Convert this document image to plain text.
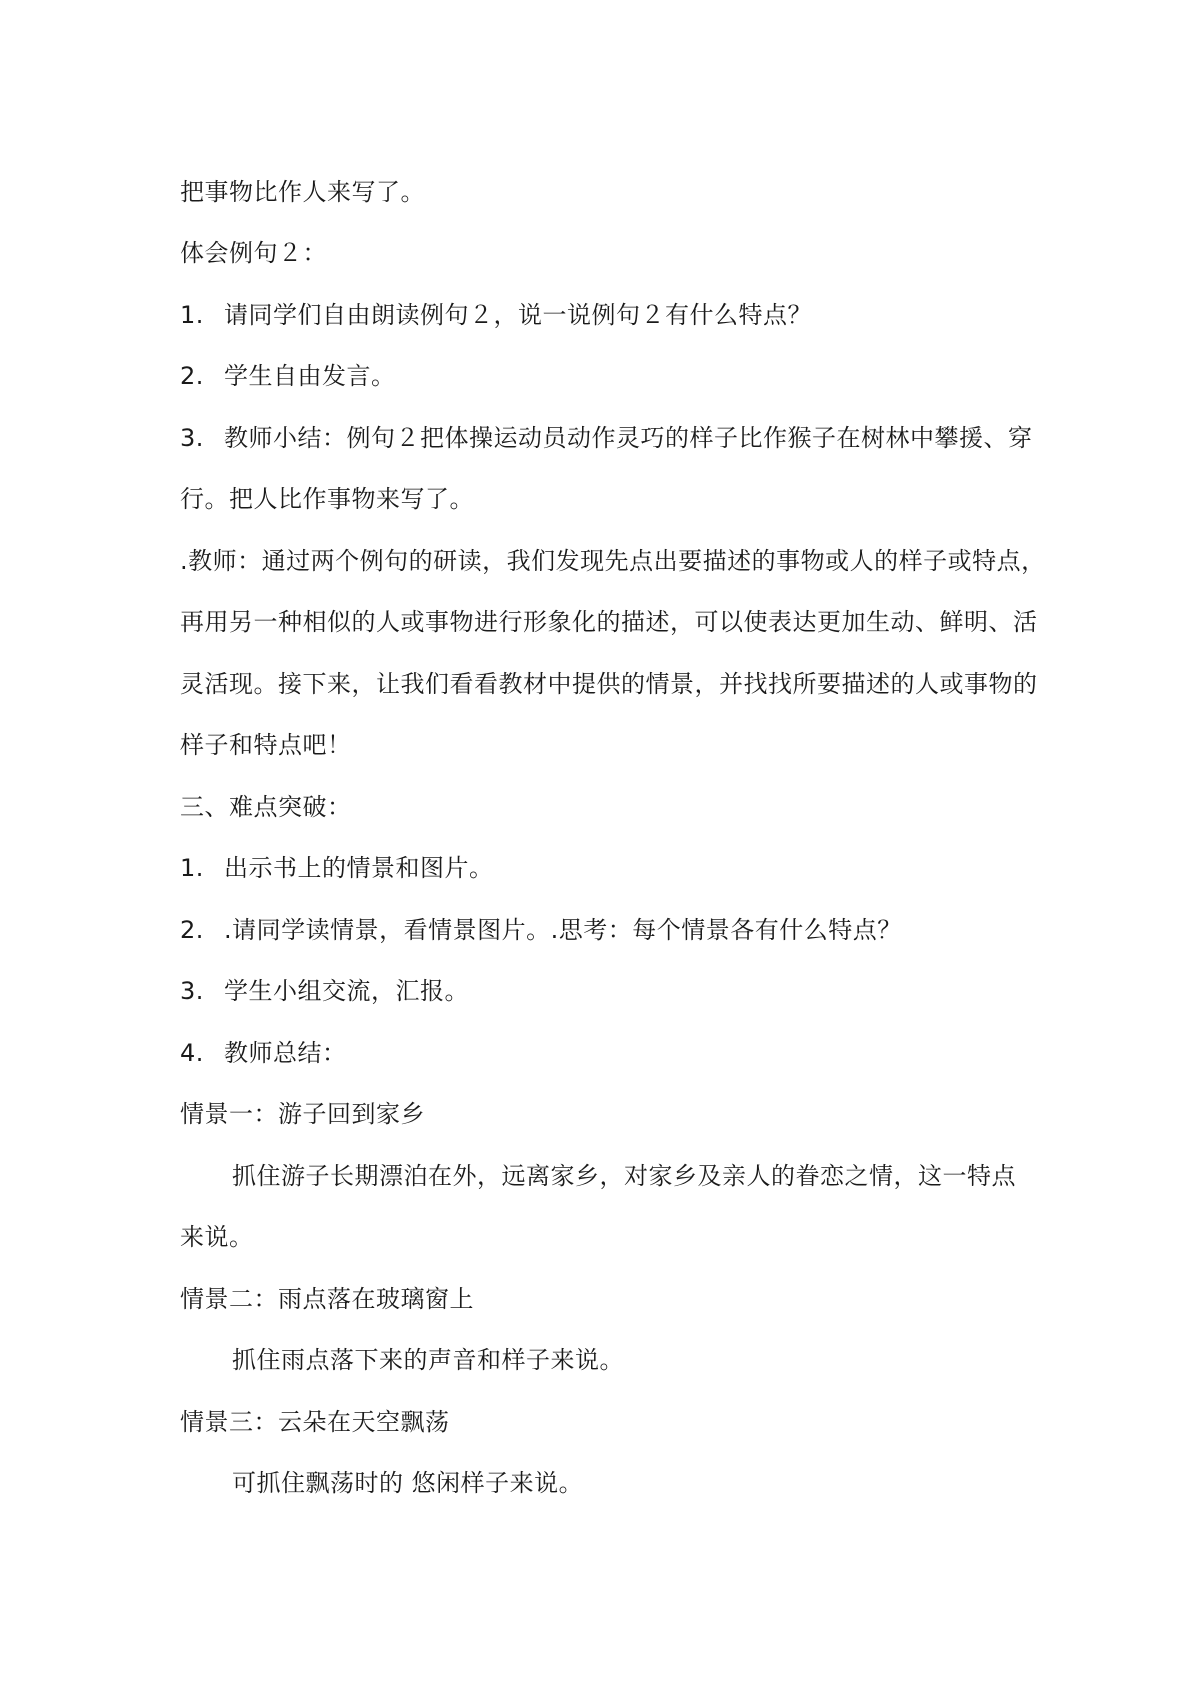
把事物比作人来写了。
体会例句２：
1. 请同学们自由朗读例句２，说一说例句２有什么特点？
2. 学生自由发言。
3. 教师小结：例句２把体操运动员动作灵巧的样子比作猴子在树林中攀援、穿
行。把人比作事物来写了。
.教师：通过两个例句的研读，我们发现先点出要描述的事物或人的样子或特点，
再用另一种相似的人或事物进行形象化的描述，可以使表达更加生动、鲜明、活
灵活现。接下来，让我们看看教材中提供的情景，并找找所要描述的人或事物的
样子和特点吧！
三、难点突破：
1. 出示书上的情景和图片。
2. .请同学读情景，看情景图片。.思考：每个情景各有什么特点？
3. 学生小组交流，汇报。
4. 教师总结：
情景一：游子回到家乡
抓住游子长期漂泊在外，远离家乡，对家乡及亲人的眷恋之情，这一特点
来说。
情景二：雨点落在玻璃窗上
抓住雨点落下来的声音和样子来说。
情景三：云朵在天空飘荡
可抓住飘荡时的 悠闲样子来说。
